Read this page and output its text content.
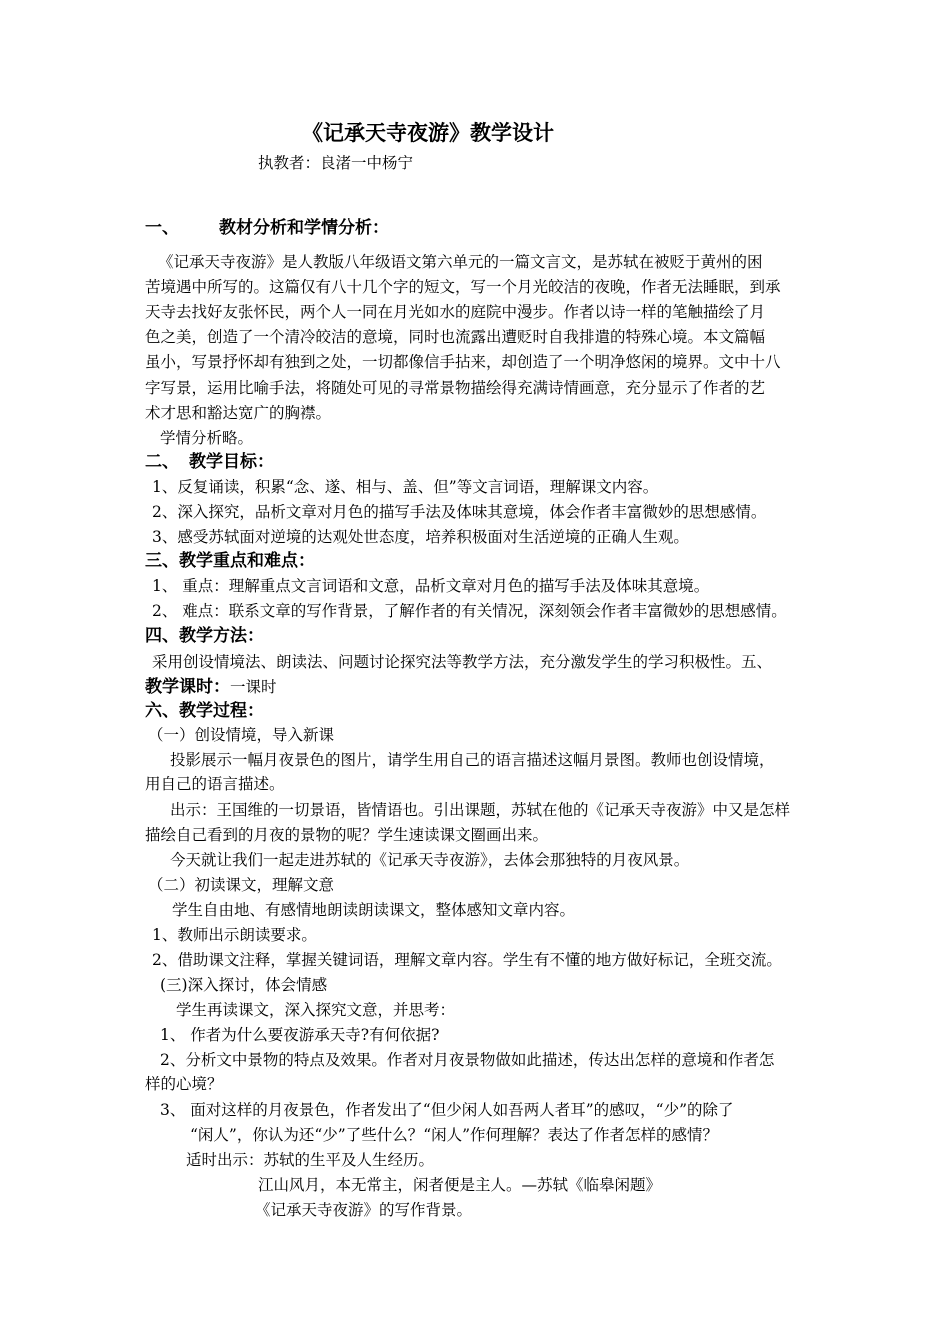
《记承天寺夜游》教学设计
执教者：良渚一中杨宁
一、 教材分析和学情分析：
《记承天寺夜游》是人教版八年级语文第六单元的一篇文言文，是苏轼在被贬于黄州的困
苦境遇中所写的。这篇仅有八十几个字的短文，写一个月光皎洁的夜晚，作者无法睡眠，到承
天寺去找好友张怀民，两个人一同在月光如水的庭院中漫步。作者以诗一样的笔触描绘了月
色之美，创造了一个清冷皎洁的意境，同时也流露出遭贬时自我排遣的特殊心境。本文篇幅
虽小，写景抒怀却有独到之处，一切都像信手拈来，却创造了一个明净悠闲的境界。文中十八
字写景，运用比喻手法，将随处可见的寻常景物描绘得充满诗情画意，充分显示了作者的艺
术才思和豁达宽广的胸襟。
学情分析略。
二、 教学目标：
1、反复诵读，积累“念、遂、相与、盖、但”等文言词语，理解课文内容。
2、深入探究，品析文章对月色的描写手法及体味其意境，体会作者丰富微妙的思想感情。
3、感受苏轼面对逆境的达观处世态度，培养积极面对生活逆境的正确人生观。
三、教学重点和难点：
1、 重点：理解重点文言词语和文意，品析文章对月色的描写手法及体味其意境。
2、 难点：联系文章的写作背景，了解作者的有关情况，深刻领会作者丰富微妙的思想感情。
四、教学方法：
采用创设情境法、朗读法、问题讨论探究法等教学方法，充分激发学生的学习积极性。五、
教学课时：一课时
六、教学过程：
（一）创设情境，导入新课
投影展示一幅月夜景色的图片，请学生用自己的语言描述这幅月景图。教师也创设情境，
用自己的语言描述。
出示：王国维的一切景语，皆情语也。引出课题，苏轼在他的《记承天寺夜游》中又是怎样
描绘自己看到的月夜的景物的呢？学生速读课文圈画出来。
今天就让我们一起走进苏轼的《记承天寺夜游》，去体会那独特的月夜风景。
（二）初读课文，理解文意
学生自由地、有感情地朗读朗读课文，整体感知文章内容。
1、教师出示朗读要求。
2、借助课文注释，掌握关键词语，理解文章内容。学生有不懂的地方做好标记，全班交流。
(三)深入探讨，体会情感
学生再读课文，深入探究文意，并思考：
1、 作者为什么要夜游承天寺?有何依据?
2、分析文中景物的特点及效果。作者对月夜景物做如此描述，传达出怎样的意境和作者怎
样的心境？
3、 面对这样的月夜景色，作者发出了“但少闲人如吾两人者耳”的感叹，“少”的除了
“闲人”，你认为还“少”了些什么？“闲人”作何理解？表达了作者怎样的感情？
适时出示：苏轼的生平及人生经历。
江山风月，本无常主，闲者便是主人。—苏轼《临皋闲题》
《记承天寺夜游》的写作背景。
